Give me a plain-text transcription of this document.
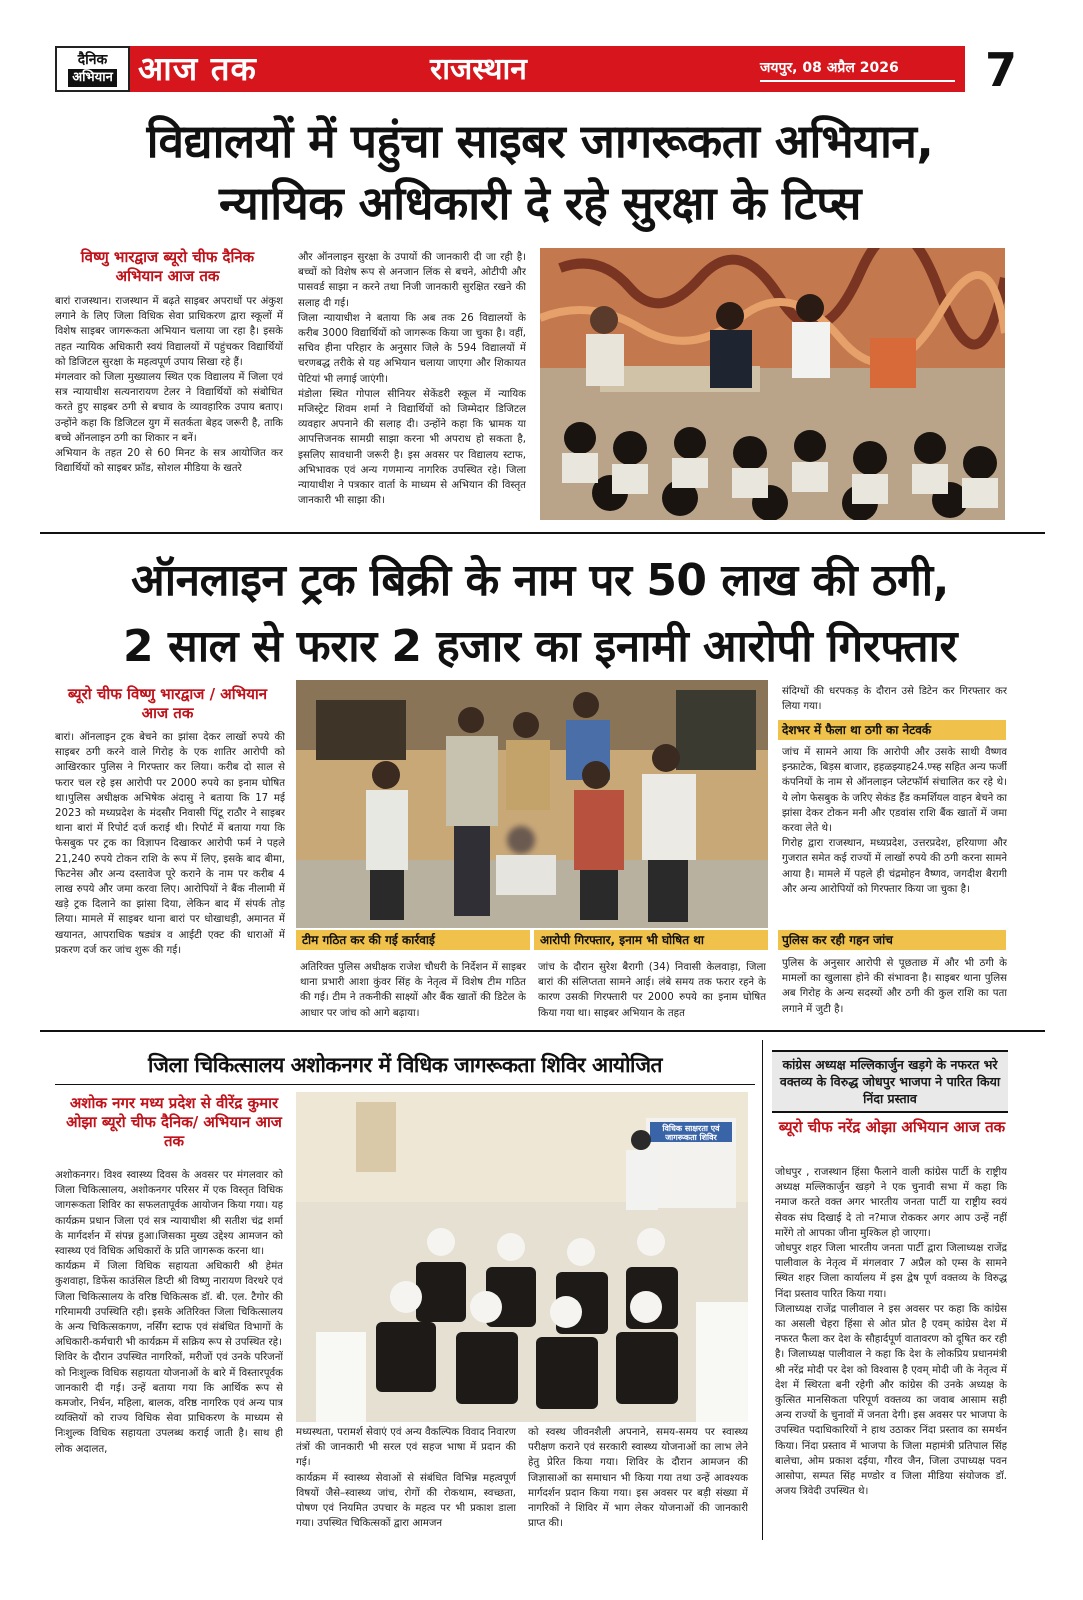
दैनिक
अभियान आज तक	राजस्थान	जयपुर, 08 अप्रैल 2026 7
विद्यालयों में पहुंचा साइबर जागरूकता अभियान,
न्यायिक अधिकारी दे रहे सुरक्षा के टिप्स
विष्णु भारद्वाज ब्यूरो चीफ दैनिक अभियान आज तक
बारां राजस्थान। राजस्थान में बढ़ते साइबर अपराधों पर अंकुश लगाने के लिए जिला विधिक सेवा प्राधिकरण द्वारा स्कूलों में विशेष साइबर जागरूकता अभियान चलाया जा रहा है। इसके तहत न्यायिक अधिकारी स्वयं विद्यालयों में पहुंचकर विद्यार्थियों को डिजिटल सुरक्षा के महत्वपूर्ण उपाय सिखा रहे हैं।
मंगलवार को जिला मुख्यालय स्थित एक विद्यालय में जिला एवं सत्र न्यायाधीश सत्यनारायण टेलर ने विद्यार्थियों को संबोधित करते हुए साइबर ठगी से बचाव के व्यावहारिक उपाय बताए। उन्होंने कहा कि डिजिटल युग में सतर्कता बेहद जरूरी है, ताकि बच्चे ऑनलाइन ठगी का शिकार न बनें।
अभियान के तहत 20 से 60 मिनट के सत्र आयोजित कर विद्यार्थियों को साइबर फ्रॉड, सोशल मीडिया के खतरे
और ऑनलाइन सुरक्षा के उपायों की जानकारी दी जा रही है। बच्चों को विशेष रूप से अनजान लिंक से बचने, ओटीपी और पासवर्ड साझा न करने तथा निजी जानकारी सुरक्षित रखने की सलाह दी गई।
जिला न्यायाधीश ने बताया कि अब तक 26 विद्यालयों के करीब 3000 विद्यार्थियों को जागरूक किया जा चुका है। वहीं, सचिव हीना परिहार के अनुसार जिले के 594 विद्यालयों में चरणबद्ध तरीके से यह अभियान चलाया जाएगा और शिकायत पेटियां भी लगाई जाएंगी।
मंडोला स्थित गोपाल सीनियर सेकेंडरी स्कूल में न्यायिक मजिस्ट्रेट शिवम शर्मा ने विद्यार्थियों को जिम्मेदार डिजिटल व्यवहार अपनाने की सलाह दी। उन्होंने कहा कि भ्रामक या आपत्तिजनक सामग्री साझा करना भी अपराध हो सकता है, इसलिए सावधानी जरूरी है। इस अवसर पर विद्यालय स्टाफ, अभिभावक एवं अन्य गणमान्य नागरिक उपस्थित रहे। जिला न्यायाधीश ने पत्रकार वार्ता के माध्यम से अभियान की विस्तृत जानकारी भी साझा की।
ऑनलाइन ट्रक बिक्री के नाम पर 50 लाख की ठगी,
2 साल से फरार 2 हजार का इनामी आरोपी गिरफ्तार
ब्यूरो चीफ विष्णु भारद्वाज / अभियान आज तक
बारां। ऑनलाइन ट्रक बेचने का झांसा देकर लाखों रुपये की साइबर ठगी करने वाले गिरोह के एक शातिर आरोपी को आखिरकार पुलिस ने गिरफ्तार कर लिया। करीब दो साल से फरार चल रहे इस आरोपी पर 2000 रुपये का इनाम घोषित था।पुलिस अधीक्षक अभिषेक अंदासु ने बताया कि 17 मई 2023 को मध्यप्रदेश के मंदसौर निवासी पिंटू राठौर ने साइबर थाना बारां में रिपोर्ट दर्ज कराई थी। रिपोर्ट में बताया गया कि फेसबुक पर ट्रक का विज्ञापन दिखाकर आरोपी फर्म ने पहले 21,240 रुपये टोकन राशि के रूप में लिए, इसके बाद बीमा, फिटनेस और अन्य दस्तावेज पूरे कराने के नाम पर करीब 4 लाख रुपये और जमा करवा लिए। आरोपियों ने बैंक नीलामी में खड़े ट्रक दिलाने का झांसा दिया, लेकिन बाद में संपर्क तोड़ लिया। मामले में साइबर थाना बारां पर धोखाधड़ी, अमानत में खयानत, आपराधिक षड्यंत्र व आईटी एक्ट की धाराओं में प्रकरण दर्ज कर जांच शुरू की गई।
टीम गठित कर की गई कार्रवाई	आरोपी गिरफ्तार, इनाम भी घोषित था
अतिरिक्त पुलिस अधीक्षक राजेश चौधरी के निर्देशन में साइबर थाना प्रभारी आशा कुंवर सिंह के नेतृत्व में विशेष टीम गठित की गई। टीम ने तकनीकी साक्ष्यों और बैंक खातों की डिटेल के आधार पर जांच को आगे बढ़ाया।
जांच के दौरान सुरेश बैरागी (34) निवासी केलवाड़ा, जिला बारां की संलिप्तता सामने आई। लंबे समय तक फरार रहने के कारण उसकी गिरफ्तारी पर 2000 रुपये का इनाम घोषित किया गया था। साइबर अभियान के तहत
संदिग्धों की धरपकड़ के दौरान उसे डिटेन कर गिरफ्तार कर लिया गया।
देशभर में फैला था ठगी का नेटवर्क
जांच में सामने आया कि आरोपी और उसके साथी वैष्णव इन्फ्राटेक, बिड़स बाजार, हहळझ्याह24.ण्स्ह सहित अन्य फर्जी कंपनियों के नाम से ऑनलाइन प्लेटफॉर्म संचालित कर रहे थे। ये लोग फेसबुक के जरिए सेकंड हैंड कमर्शियल वाहन बेचने का झांसा देकर टोकन मनी और एडवांस राशि बैंक खातों में जमा करवा लेते थे।
गिरोह द्वारा राजस्थान, मध्यप्रदेश, उत्तरप्रदेश, हरियाणा और गुजरात समेत कई राज्यों में लाखों रुपये की ठगी करना सामने आया है। मामले में पहले ही चंद्रमोहन वैष्णव, जगदीश बैरागी और अन्य आरोपियों को गिरफ्तार किया जा चुका है।
पुलिस कर रही गहन जांच
पुलिस के अनुसार आरोपी से पूछताछ में और भी ठगी के मामलों का खुलासा होने की संभावना है। साइबर थाना पुलिस अब गिरोह के अन्य सदस्यों और ठगी की कुल राशि का पता लगाने में जुटी है।
जिला चिकित्सालय अशोकनगर में विधिक जागरूकता शिविर आयोजित
अशोक नगर मध्य प्रदेश से वीरेंद्र कुमार ओझा ब्यूरो चीफ दैनिक/ अभियान आज तक
अशोकनगर। विश्व स्वास्थ्य दिवस के अवसर पर मंगलवार को जिला चिकित्सालय, अशोकनगर परिसर में एक विस्तृत विधिक जागरूकता शिविर का सफलतापूर्वक आयोजन किया गया। यह कार्यक्रम प्रधान जिला एवं सत्र न्यायाधीश श्री सतीश चंद्र शर्मा के मार्गदर्शन में संपन्न हुआ।जिसका मुख्य उद्देश्य आमजन को स्वास्थ्य एवं विधिक अधिकारों के प्रति जागरूक करना था।
कार्यक्रम में जिला विधिक सहायता अधिकारी श्री हेमंत कुशवाहा, डिफेंस काउंसिल डिप्टी श्री विष्णु नारायण विरथरे एवं जिला चिकित्सालय के वरिष्ठ चिकित्सक डॉ. बी. एल. टैगोर की गरिमामयी उपस्थिति रही। इसके अतिरिक्त जिला चिकित्सालय के अन्य चिकित्सकगण, नर्सिंग स्टाफ एवं संबंधित विभागों के अधिकारी-कर्मचारी भी कार्यक्रम में सक्रिय रूप से उपस्थित रहे।
शिविर के दौरान उपस्थित नागरिकों, मरीजों एवं उनके परिजनों को निःशुल्क विधिक सहायता योजनाओं के बारे में विस्तारपूर्वक जानकारी दी गई। उन्हें बताया गया कि आर्थिक रूप से कमजोर, निर्धन, महिला, बालक, वरिष्ठ नागरिक एवं अन्य पात्र व्यक्तियों को राज्य विधिक सेवा प्राधिकरण के माध्यम से निःशुल्क विधिक सहायता उपलब्ध कराई जाती है। साथ ही लोक अदालत,
विधिक साक्षरता एवं
जागरूकता शिविर
मध्यस्थता, परामर्श सेवाएं एवं अन्य वैकल्पिक विवाद निवारण तंत्रों की जानकारी भी सरल एवं सहज भाषा में प्रदान की गई।
कार्यक्रम में स्वास्थ्य सेवाओं से संबंधित विभिन्न महत्वपूर्ण विषयों जैसे–स्वास्थ्य जांच, रोगों की रोकथाम, स्वच्छता, पोषण एवं नियमित उपचार के महत्व पर भी प्रकाश डाला गया। उपस्थित चिकित्सकों द्वारा आमजन
को स्वस्थ जीवनशैली अपनाने, समय-समय पर स्वास्थ्य परीक्षण कराने एवं सरकारी स्वास्थ्य योजनाओं का लाभ लेने हेतु प्रेरित किया गया। शिविर के दौरान आमजन की जिज्ञासाओं का समाधान भी किया गया तथा उन्हें आवश्यक मार्गदर्शन प्रदान किया गया। इस अवसर पर बड़ी संख्या में नागरिकों ने शिविर में भाग लेकर योजनाओं की जानकारी प्राप्त की।
कांग्रेस अध्यक्ष मल्लिकार्जुन खड़गे के नफरत भरे वक्तव्य के विरुद्ध जोधपुर भाजपा ने पारित किया निंदा प्रस्ताव
ब्यूरो चीफ नरेंद्र ओझा अभियान आज तक
जोधपुर , राजस्थान हिंसा फैलाने वाली कांग्रेस पार्टी के राष्ट्रीय अध्यक्ष मल्लिकार्जुन खड़गे ने एक चुनावी सभा में कहा कि नमाज करते वक्त अगर भारतीय जनता पार्टी या राष्ट्रीय स्वयं सेवक संघ दिखाई दे तो न?माज रोककर अगर आप उन्हें नहीं मारेंगे तो आपका जीना मुश्किल हो जाएगा।
जोधपुर शहर जिला भारतीय जनता पार्टी द्वारा जिलाध्यक्ष राजेंद्र पालीवाल के नेतृत्व में मंगलवार 7 अप्रैल को एम्स के सामने स्थित शहर जिला कार्यालय में इस द्वेष पूर्ण वक्तव्य के विरुद्ध निंदा प्रस्ताव पारित किया गया।
जिलाध्यक्ष राजेंद्र पालीवाल ने इस अवसर पर कहा कि कांग्रेस का असली चेहरा हिंसा से ओत प्रोत है एवम् कांग्रेस देश में नफरत फैला कर देश के सौहार्दपूर्ण वातावरण को दूषित कर रही है। जिलाध्यक्ष पालीवाल ने कहा कि देश के लोकप्रिय प्रधानमंत्री श्री नरेंद्र मोदी पर देश को विश्वास है एवम् मोदी जी के नेतृत्व में देश में स्थिरता बनी रहेगी और कांग्रेस की उनके अध्यक्ष के कुत्सित मानसिकता परिपूर्ण वक्तव्य का जवाब आसाम सही अन्य राज्यों के चुनावों में जनता देगी। इस अवसर पर भाजपा के उपस्थित पदाधिकारियों ने हाथ उठाकर निंदा प्रस्ताव का समर्थन किया। निंदा प्रस्ताव में भाजपा के जिला महामंत्री प्रतिपाल सिंह बालेचा, ओम प्रकाश दईया, गौरव जैन, जिला उपाध्यक्ष पवन आसोपा, सम्पत सिंह मण्डोर व जिला मीडिया संयोजक डॉ. अजय त्रिवेदी उपस्थित थे।
